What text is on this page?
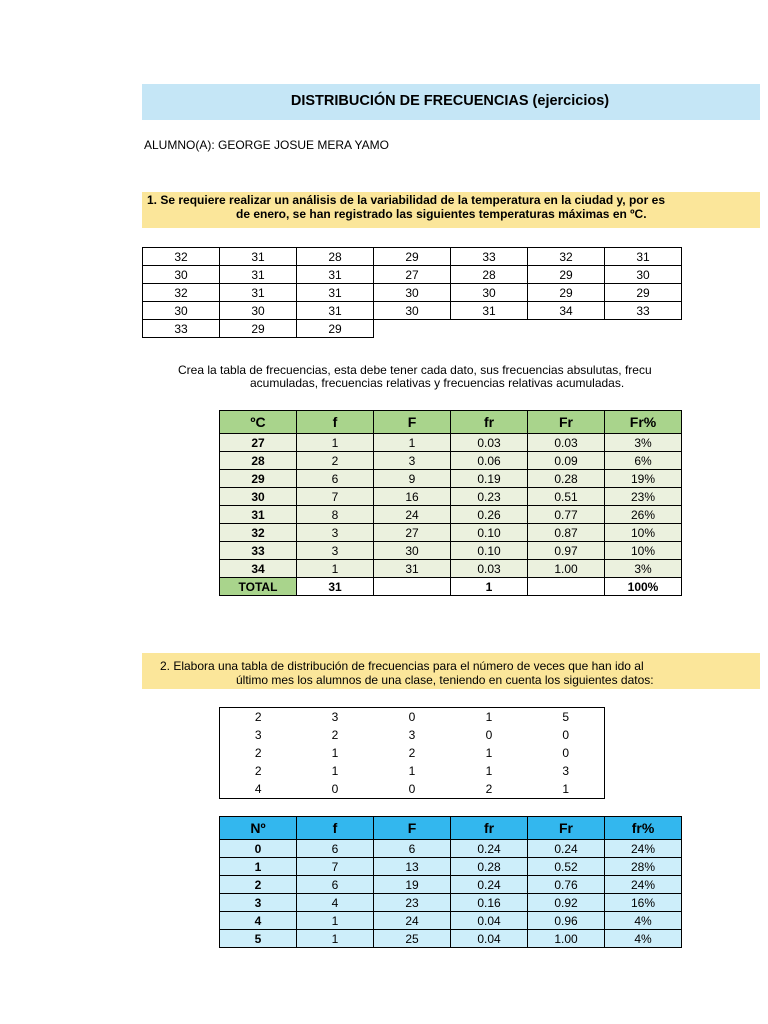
DISTRIBUCIÓN DE FRECUENCIAS (ejercicios)
ALUMNO(A): GEORGE JOSUE MERA YAMO
1. Se requiere realizar un análisis de la variabilidad de la temperatura en la ciudad y, por es
de enero, se han registrado las siguientes temperaturas máximas en ºC.
32	31	28	29	33	32	31
30	31	31	27	28	29	30
32	31	31	30	30	29	29
30	30	31	30	31	34	33
33	29	29				
Crea la tabla de frecuencias, esta debe tener cada dato, sus frecuencias absulutas, frecu
acumuladas, frecuencias relativas y frecuencias relativas acumuladas.
ºC	f	F	fr	Fr	Fr%
27	1	1	0.03	0.03	3%
28	2	3	0.06	0.09	6%
29	6	9	0.19	0.28	19%
30	7	16	0.23	0.51	23%
31	8	24	0.26	0.77	26%
32	3	27	0.10	0.87	10%
33	3	30	0.10	0.97	10%
34	1	31	0.03	1.00	3%
TOTAL	31		1		100%
2. Elabora una tabla de distribución de frecuencias para el número de veces que han ido al
último mes los alumnos de una clase, teniendo en cuenta los siguientes datos:
2	3	0	1	5
3	2	3	0	0
2	1	2	1	0
2	1	1	1	3
4	0	0	2	1
Nº	f	F	fr	Fr	fr%
0	6	6	0.24	0.24	24%
1	7	13	0.28	0.52	28%
2	6	19	0.24	0.76	24%
3	4	23	0.16	0.92	16%
4	1	24	0.04	0.96	4%
5	1	25	0.04	1.00	4%
